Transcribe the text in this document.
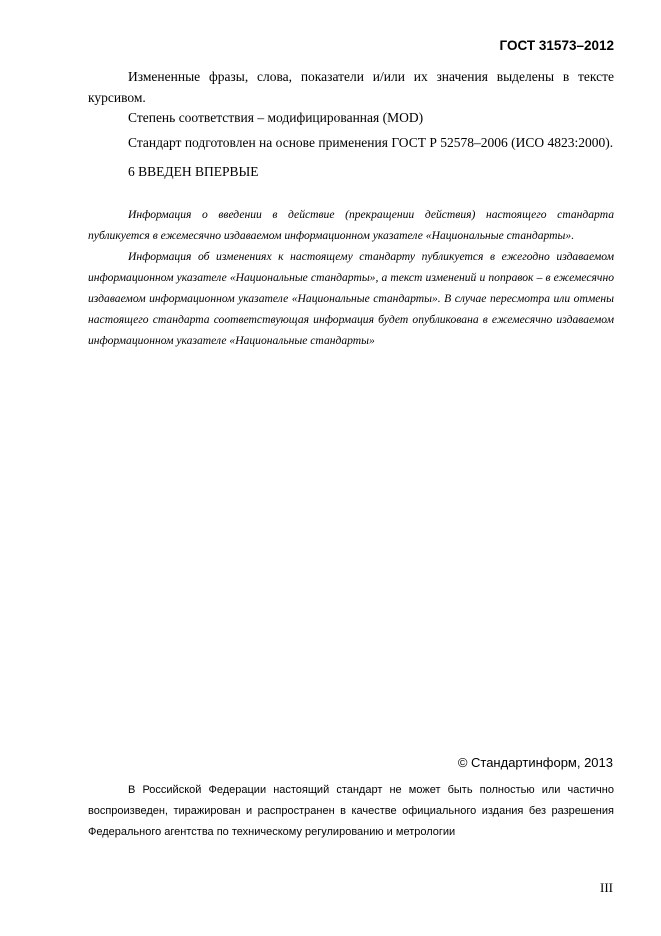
ГОСТ 31573–2012

Измененные фразы, слова, показатели и/или их значения выделены в тексте курсивом.

Степень соответствия – модифицированная (MOD)

Стандарт подготовлен на основе применения ГОСТ Р 52578–2006 (ИСО 4823:2000).

6 ВВЕДЕН ВПЕРВЫЕ

Информация о введении в действие (прекращении действия) настоящего стандарта публикуется в ежемесячно издаваемом информационном указателе «Национальные стандарты».

Информация об изменениях к настоящему стандарту публикуется в ежегодно издаваемом информационном указателе «Национальные стандарты», а текст изменений и поправок – в ежемесячно издаваемом информационном указателе «Национальные стандарты». В случае пересмотра или отмены настоящего стандарта соответствующая информация будет опубликована в ежемесячно издаваемом информационном указателе «Национальные стандарты»

© Стандартинформ, 2013

В Российской Федерации настоящий стандарт не может быть полностью или частично воспроизведен, тиражирован и распространен в качестве официального издания без разрешения Федерального агентства по техническому регулированию и метрологии

III
